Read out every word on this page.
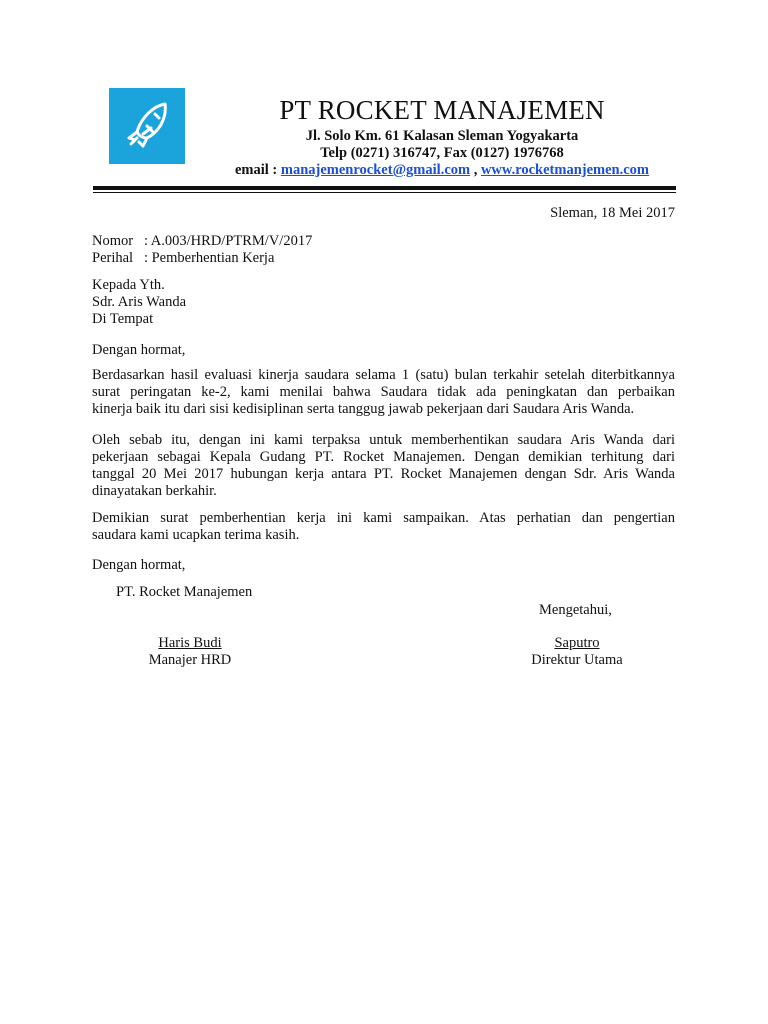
PT ROCKET MANAJEMEN
Jl. Solo Km. 61 Kalasan Sleman Yogyakarta
Telp (0271) 316747, Fax (0127) 1976768
email : manajemenrocket@gmail.com , www.rocketmanjemen.com
Sleman, 18 Mei 2017
Nomor   : A.003/HRD/PTRM/V/2017
Perihal   : Pemberhentian Kerja
Kepada Yth.
Sdr. Aris Wanda
Di Tempat
Dengan hormat,
Berdasarkan hasil evaluasi kinerja saudara selama 1 (satu) bulan terkahir setelah diterbitkannya
surat peringatan ke-2, kami menilai bahwa Saudara tidak ada peningkatan dan perbaikan
kinerja baik itu dari sisi kedisiplinan serta tanggug jawab pekerjaan dari Saudara Aris Wanda.
Oleh sebab itu, dengan ini kami terpaksa untuk memberhentikan saudara Aris Wanda dari
pekerjaan sebagai Kepala Gudang PT. Rocket Manajemen. Dengan demikian terhitung dari
tanggal 20 Mei 2017 hubungan kerja antara PT. Rocket Manajemen dengan Sdr. Aris Wanda
dinayatakan berkahir.
Demikian surat pemberhentian kerja ini kami sampaikan. Atas perhatian dan pengertian
saudara kami ucapkan terima kasih.
Dengan hormat,
PT. Rocket Manajemen
Mengetahui,
Haris Budi
Manajer HRD
Saputro
Direktur Utama
